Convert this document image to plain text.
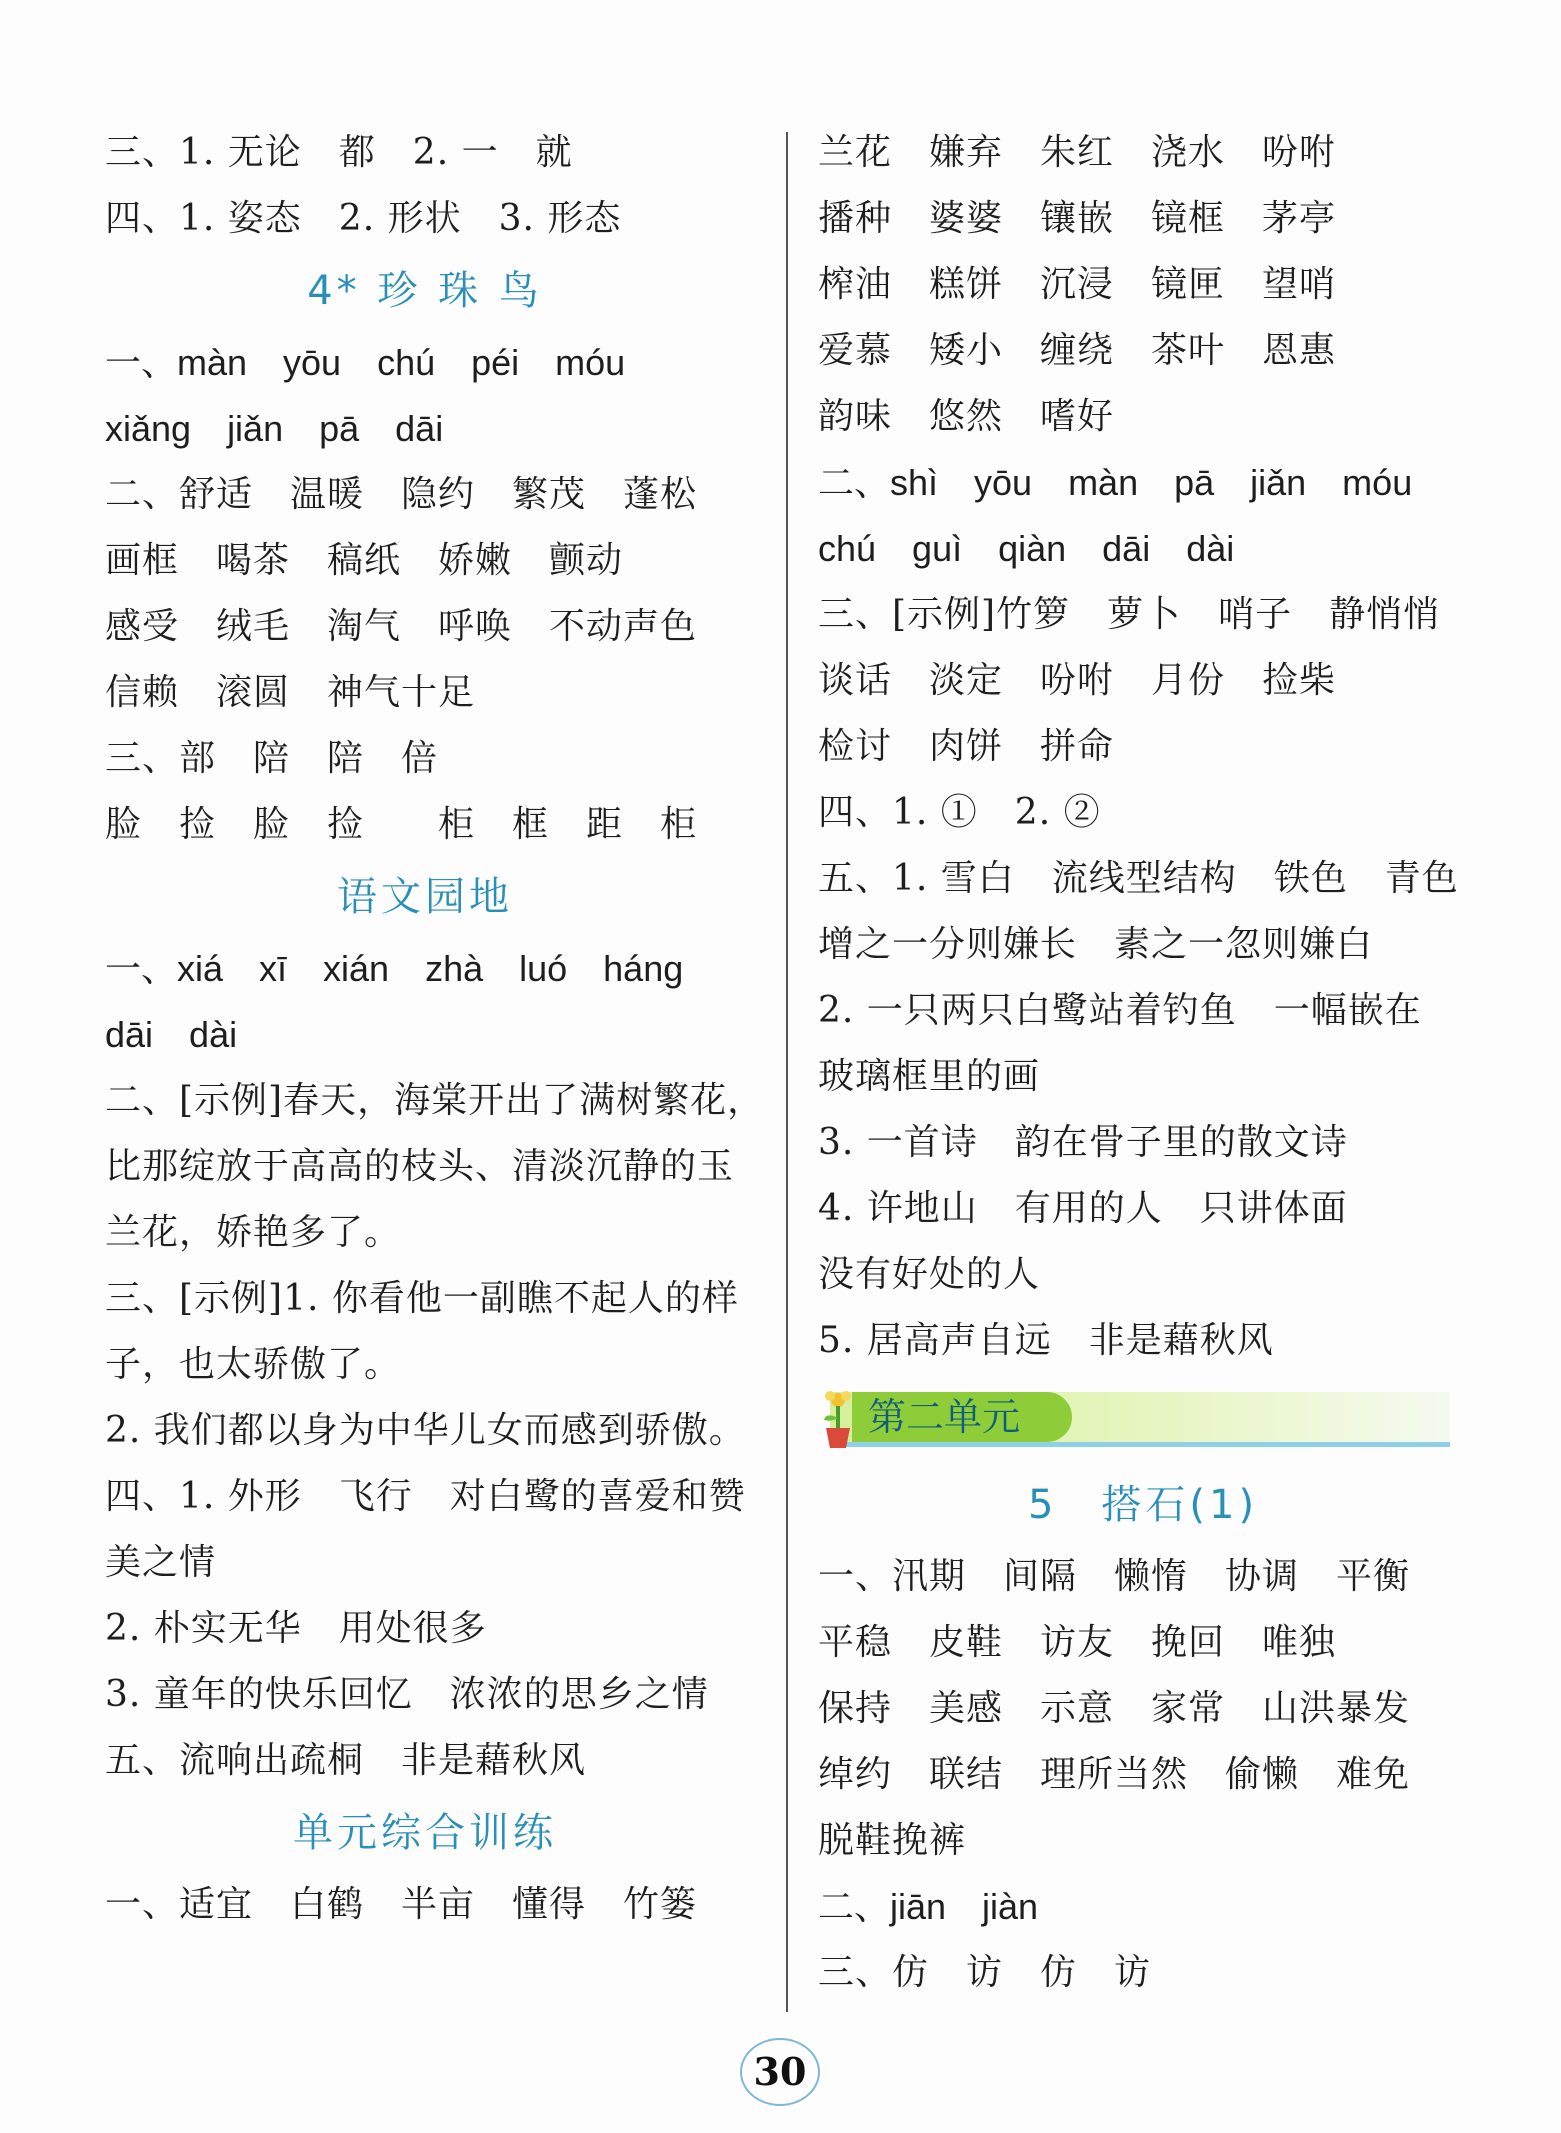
三、1. 无论　都　2. 一　就
四、1. 姿态　2. 形状　3. 形态
4* 珍 珠 鸟
一、màn　yōu　chú　péi　móu
xiǎng　jiǎn　pā　dāi
二、舒适　温暖　隐约　繁茂　蓬松
画框　喝茶　稿纸　娇嫩　颤动
感受　绒毛　淘气　呼唤　不动声色
信赖　滚圆　神气十足
三、部　陪　陪　倍
脸　捡　脸　捡　　柜　框　距　柜
语文园地
一、xiá　xī　xián　zhà　luó　háng
dāi　dài
二、[示例]春天，海棠开出了满树繁花，
比那绽放于高高的枝头、清淡沉静的玉
兰花，娇艳多了。
三、[示例]1. 你看他一副瞧不起人的样
子，也太骄傲了。
2. 我们都以身为中华儿女而感到骄傲。
四、1. 外形　飞行　对白鹭的喜爱和赞
美之情
2. 朴实无华　用处很多
3. 童年的快乐回忆　浓浓的思乡之情
五、流响出疏桐　非是藉秋风
单元综合训练
一、适宜　白鹤　半亩　懂得　竹篓
兰花　嫌弃　朱红　浇水　吩咐
播种　婆婆　镶嵌　镜框　茅亭
榨油　糕饼　沉浸　镜匣　望哨
爱慕　矮小　缠绕　茶叶　恩惠
韵味　悠然　嗜好
二、shì　yōu　màn　pā　jiǎn　móu
chú　guì　qiàn　dāi　dài
三、[示例]竹箩　萝卜　哨子　静悄悄
谈话　淡定　吩咐　月份　捡柴
检讨　肉饼　拼命
四、1. ①　2. ②
五、1. 雪白　流线型结构　铁色　青色
增之一分则嫌长　素之一忽则嫌白
2. 一只两只白鹭站着钓鱼　一幅嵌在
玻璃框里的画
3. 一首诗　韵在骨子里的散文诗
4. 许地山　有用的人　只讲体面
没有好处的人
5. 居高声自远　非是藉秋风
第二单元
5　搭石(1)
一、汛期　间隔　懒惰　协调　平衡
平稳　皮鞋　访友　挽回　唯独
保持　美感　示意　家常　山洪暴发
绰约　联结　理所当然　偷懒　难免
脱鞋挽裤
二、jiān　jiàn
三、仿　访　仿　访
30
